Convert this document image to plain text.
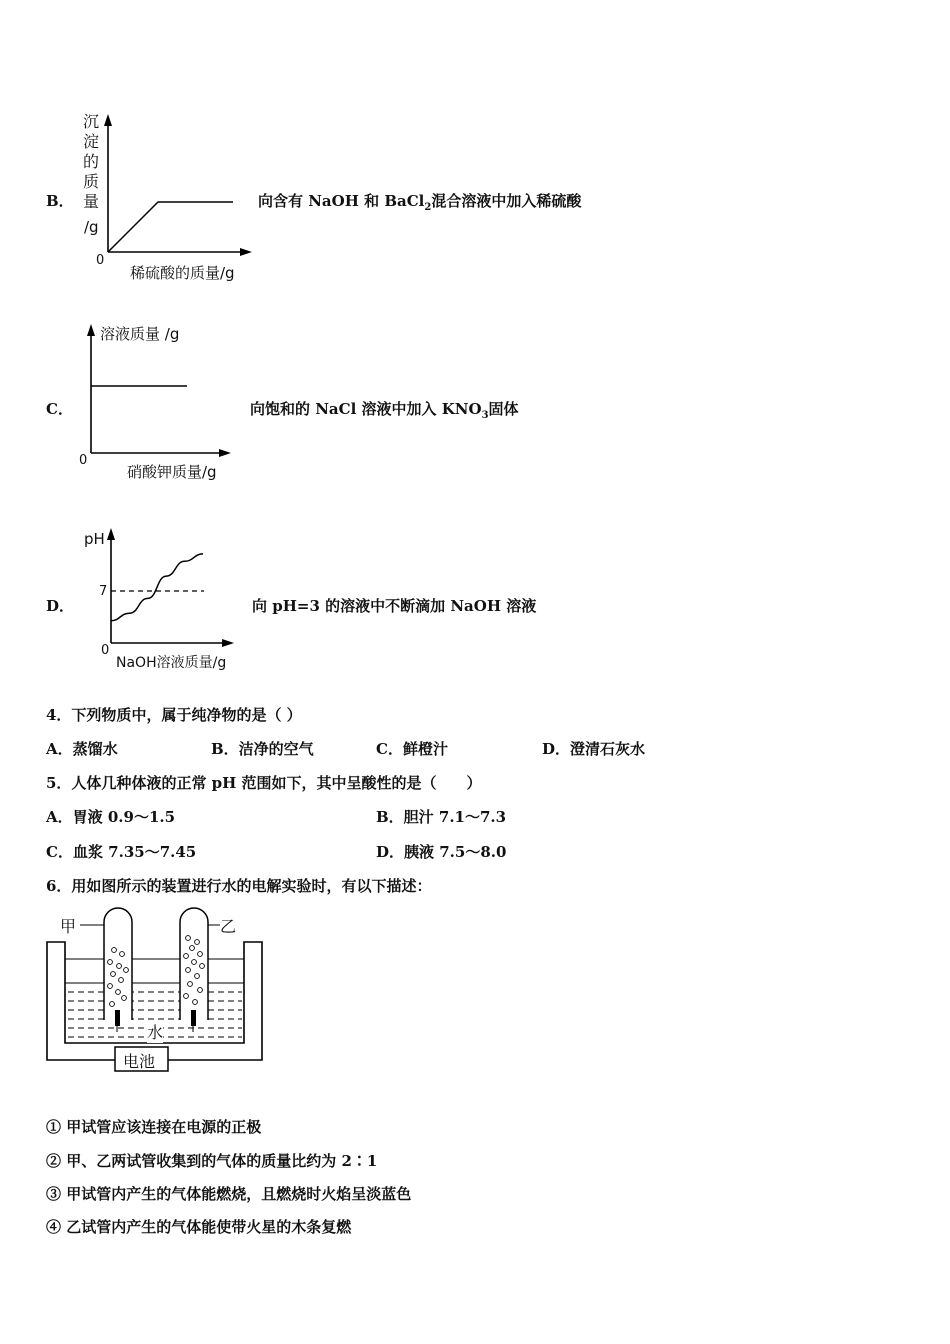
B．
沉淀的质量
/g
0
稀硫酸的质量/g
向含有 NaOH 和 BaCl$_2$混合溶液中加入稀硫酸
C．
溶液质量 /g
0
硝酸钾质量/g
向饱和的 NaCl 溶液中加入 $KNO_3$固体
D．
pH
7
0
NaOH溶液质量/g
向 pH=3 的溶液中不断滴加 NaOH 溶液
4．下列物质中，属于纯净物的是（ ）
A．蒸馏水	B．洁净的空气	C．鲜橙汁	D．澄清石灰水
5．人体几种体液的正常 pH 范围如下，其中呈酸性的是（　　）
A．胃液 0.9～1.5	B．胆汁 7.1～7.3
C．血浆 7.35～7.45	D．胰液 7.5～8.0
6．用如图所示的装置进行水的电解实验时，有以下描述：
甲	乙
水
电池
① 甲试管应该连接在电源的正极
② 甲、乙两试管收集到的气体的质量比约为 2∶1
③ 甲试管内产生的气体能燃烧，且燃烧时火焰呈淡蓝色
④ 乙试管内产生的气体能使带火星的木条复燃
